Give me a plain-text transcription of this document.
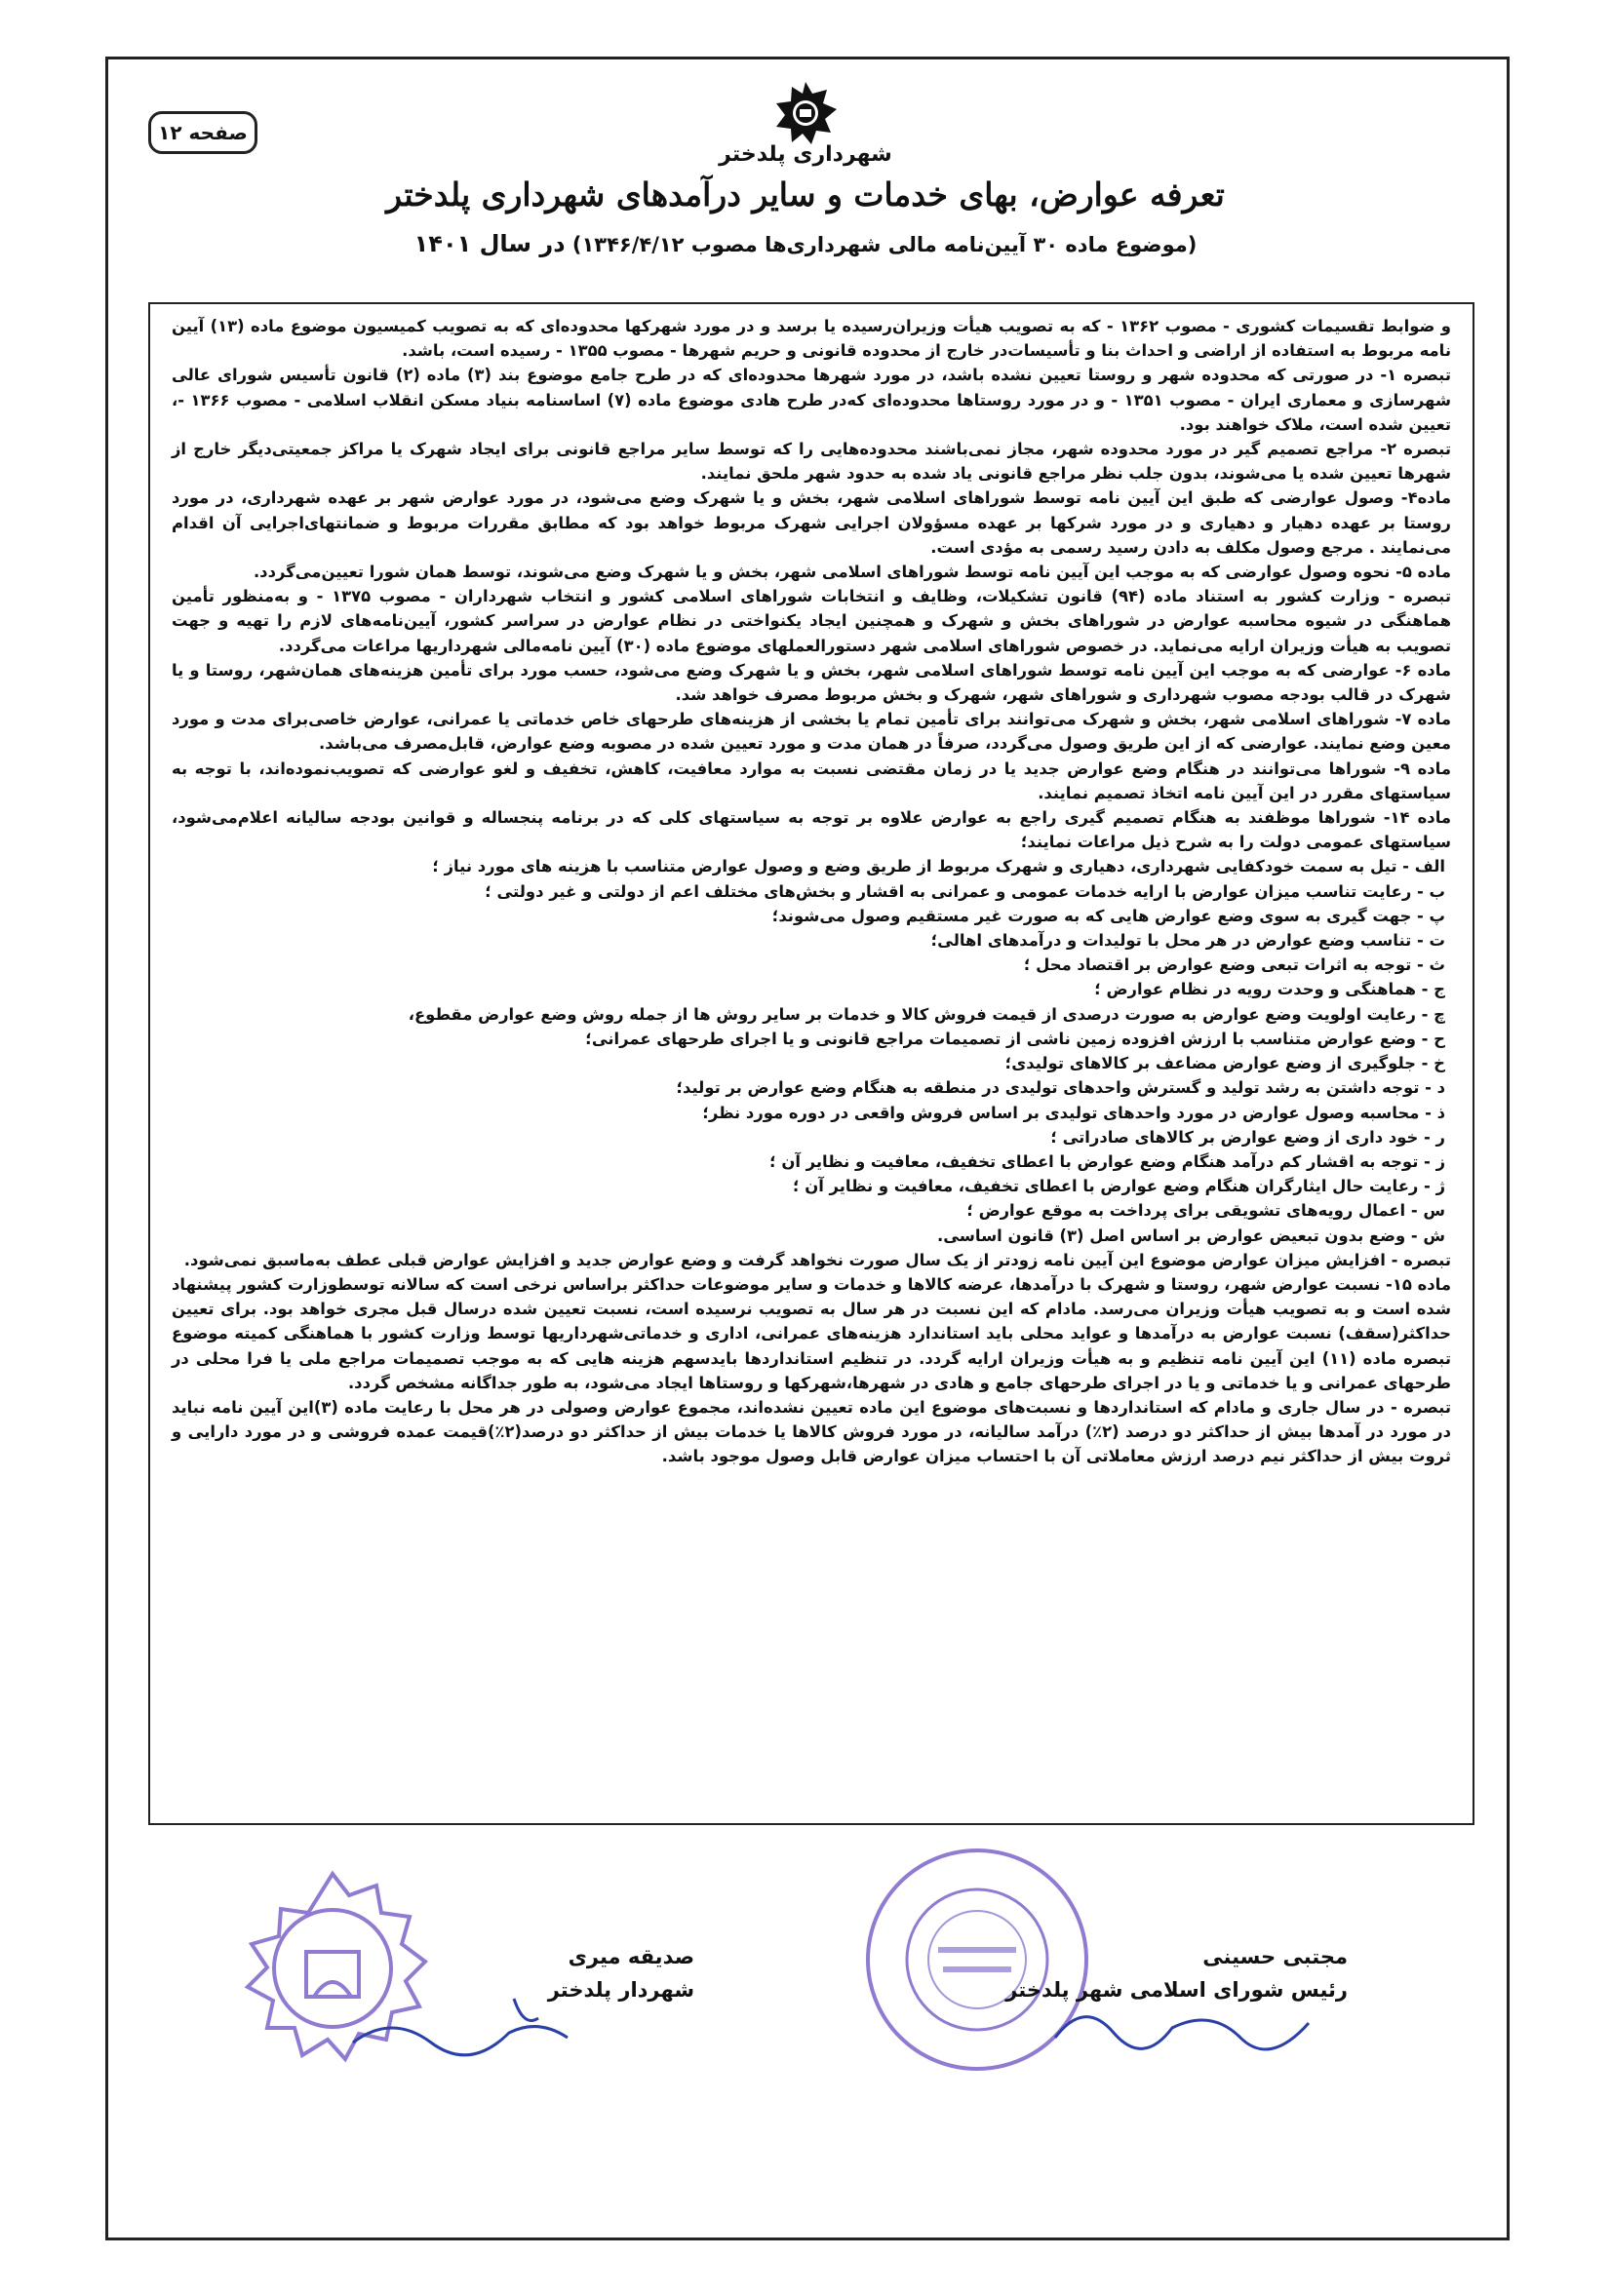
صفحه ۱۲
شهرداری پلدختر
تعرفه عوارض، بهای خدمات و سایر درآمدهای شهرداری پلدختر
(موضوع ماده ۳۰ آیین‌نامه مالی شهرداری‌ها مصوب ۱۳۴۶/۴/۱۲) در سال ۱۴۰۱

و ضوابط تقسیمات کشوری - مصوب ۱۳۶۲ - که به تصویب هیأت وزیران‌رسیده یا برسد و در مورد شهرکها محدوده‌ای که به تصویب کمیسیون موضوع ماده (۱۳) آیین نامه مربوط به استفاده از اراضی و احداث بنا و تأسیسات‌در خارج از محدوده قانونی و حریم شهرها - مصوب ۱۳۵۵ - رسیده است، باشد.

تبصره ۱- در صورتی که محدوده شهر و روستا تعیین نشده باشد، در مورد شهرها محدوده‌ای که در طرح جامع موضوع بند (۳) ماده (۲) قانون تأسیس شورای عالی شهرسازی و معماری ایران - مصوب ۱۳۵۱ - و در مورد روستاها محدوده‌ای که‌در طرح هادی موضوع ماده (۷) اساسنامه بنیاد مسکن انقلاب اسلامی - مصوب ۱۳۶۶ -، تعیین شده است، ملاک خواهند بود.

تبصره ۲- مراجع تصمیم گیر در مورد محدوده شهر، مجاز نمی‌باشند محدوده‌هایی را که توسط سایر مراجع قانونی برای ایجاد شهرک یا مراکز جمعیتی‌دیگر خارج از شهرها تعیین شده یا می‌شوند، بدون جلب نظر مراجع قانونی یاد شده به حدود شهر ملحق نمایند.

ماده۴- وصول عوارضی که طبق این آیین نامه توسط شوراهای اسلامی شهر، بخش و یا شهرک وضع می‌شود، در مورد عوارض شهر بر عهده شهرداری، در مورد روستا بر عهده دهیار و دهیاری و در مورد شرکها بر عهده مسؤولان اجرایی شهرک مربوط خواهد بود که مطابق مقررات مربوط و ضمانتهای‌اجرایی آن اقدام می‌نمایند . مرجع وصول مکلف به دادن رسید رسمی به مؤدی است.

ماده ۵- نحوه وصول عوارضی که به موجب این آیین نامه توسط شوراهای اسلامی شهر، بخش و یا شهرک وضع می‌شوند، توسط همان شورا تعیین‌می‌گردد.

تبصره - وزارت کشور به استناد ماده (۹۴) قانون تشکیلات، وظایف و انتخابات شوراهای اسلامی کشور و انتخاب شهرداران - مصوب ۱۳۷۵ - و به‌منظور تأمین هماهنگی در شیوه محاسبه عوارض در شوراهای بخش و شهرک و همچنین ایجاد یکنواختی در نظام عوارض در سراسر کشور، آیین‌نامه‌های لازم را تهیه و جهت تصویب به هیأت وزیران ارایه می‌نماید. در خصوص شوراهای اسلامی شهر دستورالعملهای موضوع ماده (۳۰) آیین نامه‌مالی شهرداریها مراعات می‌گردد.

ماده ۶- عوارضی که به موجب این آیین نامه توسط شوراهای اسلامی شهر، بخش و یا شهرک وضع می‌شود، حسب مورد برای تأمین هزینه‌های همان‌شهر، روستا و یا شهرک در قالب بودجه مصوب شهرداری و شوراهای شهر، شهرک و بخش مربوط مصرف خواهد شد.

ماده ۷- شوراهای اسلامی شهر، بخش و شهرک می‌توانند برای تأمین تمام یا بخشی از هزینه‌های طرحهای خاص خدماتی یا عمرانی، عوارض خاصی‌برای مدت و مورد معین وضع نمایند. عوارضی که از این طریق وصول می‌گردد، صرفاً در همان مدت و مورد تعیین شده در مصوبه وضع عوارض، قابل‌مصرف می‌باشد.

ماده ۹- شوراها می‌توانند در هنگام وضع عوارض جدید یا در زمان مقتضی نسبت به موارد معافیت، کاهش، تخفیف و لغو عوارضی که تصویب‌نموده‌اند، با توجه به سیاستهای مقرر در این آیین نامه اتخاذ تصمیم نمایند.

ماده ۱۴- شوراها موظفند به هنگام تصمیم گیری راجع به عوارض علاوه بر توجه به سیاستهای کلی که در برنامه پنجساله و قوانین بودجه سالیانه اعلام‌می‌شود، سیاستهای عمومی دولت را به شرح ذیل مراعات نمایند؛

الف - تیل به سمت خودکفایی شهرداری، دهیاری و شهرک مربوط از طریق وضع و وصول عوارض متناسب با هزینه های مورد نیاز ؛

ب - رعایت تناسب میزان عوارض با ارایه خدمات عمومی و عمرانی به اقشار و بخش‌های مختلف اعم از دولتی و غیر دولتی ؛

پ - جهت گیری به سوی وضع عوارض هایی که به صورت غیر مستقیم وصول می‌شوند؛

ت - تناسب وضع عوارض در هر محل با تولیدات و درآمدهای اهالی؛

ث - توجه به اثرات تبعی وضع عوارض بر اقتصاد محل ؛

ج - هماهنگی و وحدت رویه در نظام عوارض ؛

چ - رعایت اولویت وضع عوارض به صورت درصدی از قیمت فروش کالا و خدمات بر سایر روش ها از جمله روش وضع عوارض مقطوع،

ح - وضع عوارض متناسب با ارزش افزوده زمین ناشی از تصمیمات مراجع قانونی و یا اجرای طرحهای عمرانی؛

خ - جلوگیری از وضع عوارض مضاعف بر کالاهای تولیدی؛

د - توجه داشتن به رشد تولید و گسترش واحدهای تولیدی در منطقه به هنگام وضع عوارض بر تولید؛

ذ - محاسبه وصول عوارض در مورد واحدهای تولیدی بر اساس فروش واقعی در دوره مورد نظر؛

ر - خود داری از وضع عوارض بر کالاهای صادراتی ؛

ز - توجه به اقشار کم درآمد هنگام وضع عوارض با اعطای تخفیف، معافیت و نظایر آن ؛

ژ - رعایت حال ایثارگران هنگام وضع عوارض با اعطای تخفیف، معافیت و نظایر آن ؛

س - اعمال رویه‌های تشویقی برای پرداخت به موقع عوارض ؛

ش - وضع بدون تبعیض عوارض بر اساس اصل (۳) قانون اساسی.

تبصره - افزایش میزان عوارض موضوع این آیین نامه زودتر از یک سال صورت نخواهد گرفت و وضع عوارض جدید و افزایش عوارض قبلی عطف به‌ماسبق نمی‌شود.

ماده ۱۵- نسبت عوارض شهر، روستا و شهرک با درآمدها، عرضه کالاها و خدمات و سایر موضوعات حداکثر براساس نرخی است که سالانه توسطوزارت کشور پیشنهاد شده است و به تصویب هیأت وزیران می‌رسد. مادام که این نسبت در هر سال به تصویب نرسیده است، نسبت تعیین شده درسال قبل مجری خواهد بود. برای تعیین حداکثر(سقف) نسبت عوارض به درآمدها و عواید محلی باید استاندارد هزینه‌های عمرانی، اداری و خدماتی‌شهرداریها توسط وزارت کشور با هماهنگی کمیته موضوع تبصره ماده (۱۱) این آیین نامه تنظیم و به هیأت وزیران ارایه گردد. در تنظیم استانداردها بایدسهم هزینه هایی که به موجب تصمیمات مراجع ملی یا فرا محلی در طرحهای عمرانی و یا خدماتی و یا در اجرای طرحهای جامع و هادی در شهرها،شهرکها و روستاها ایجاد می‌شود، به طور جداگانه مشخص گردد.

تبصره - در سال جاری و مادام که استانداردها و نسبت‌های موضوع این ماده تعیین نشده‌اند، مجموع عوارض وصولی در هر محل با رعایت ماده (۳)این آیین نامه نباید در مورد در آمدها بیش از حداکثر دو درصد (۲٪) درآمد سالیانه، در مورد فروش کالاها یا خدمات بیش از حداکثر دو درصد(۲٪)قیمت عمده فروشی و در مورد دارایی و ثروت بیش از حداکثر نیم درصد ارزش معاملاتی آن با احتساب میزان عوارض قابل وصول موجود باشد.

مجتبی حسینی
رئیس شورای اسلامی شهر پلدختر
صدیقه میری
شهردار پلدختر
